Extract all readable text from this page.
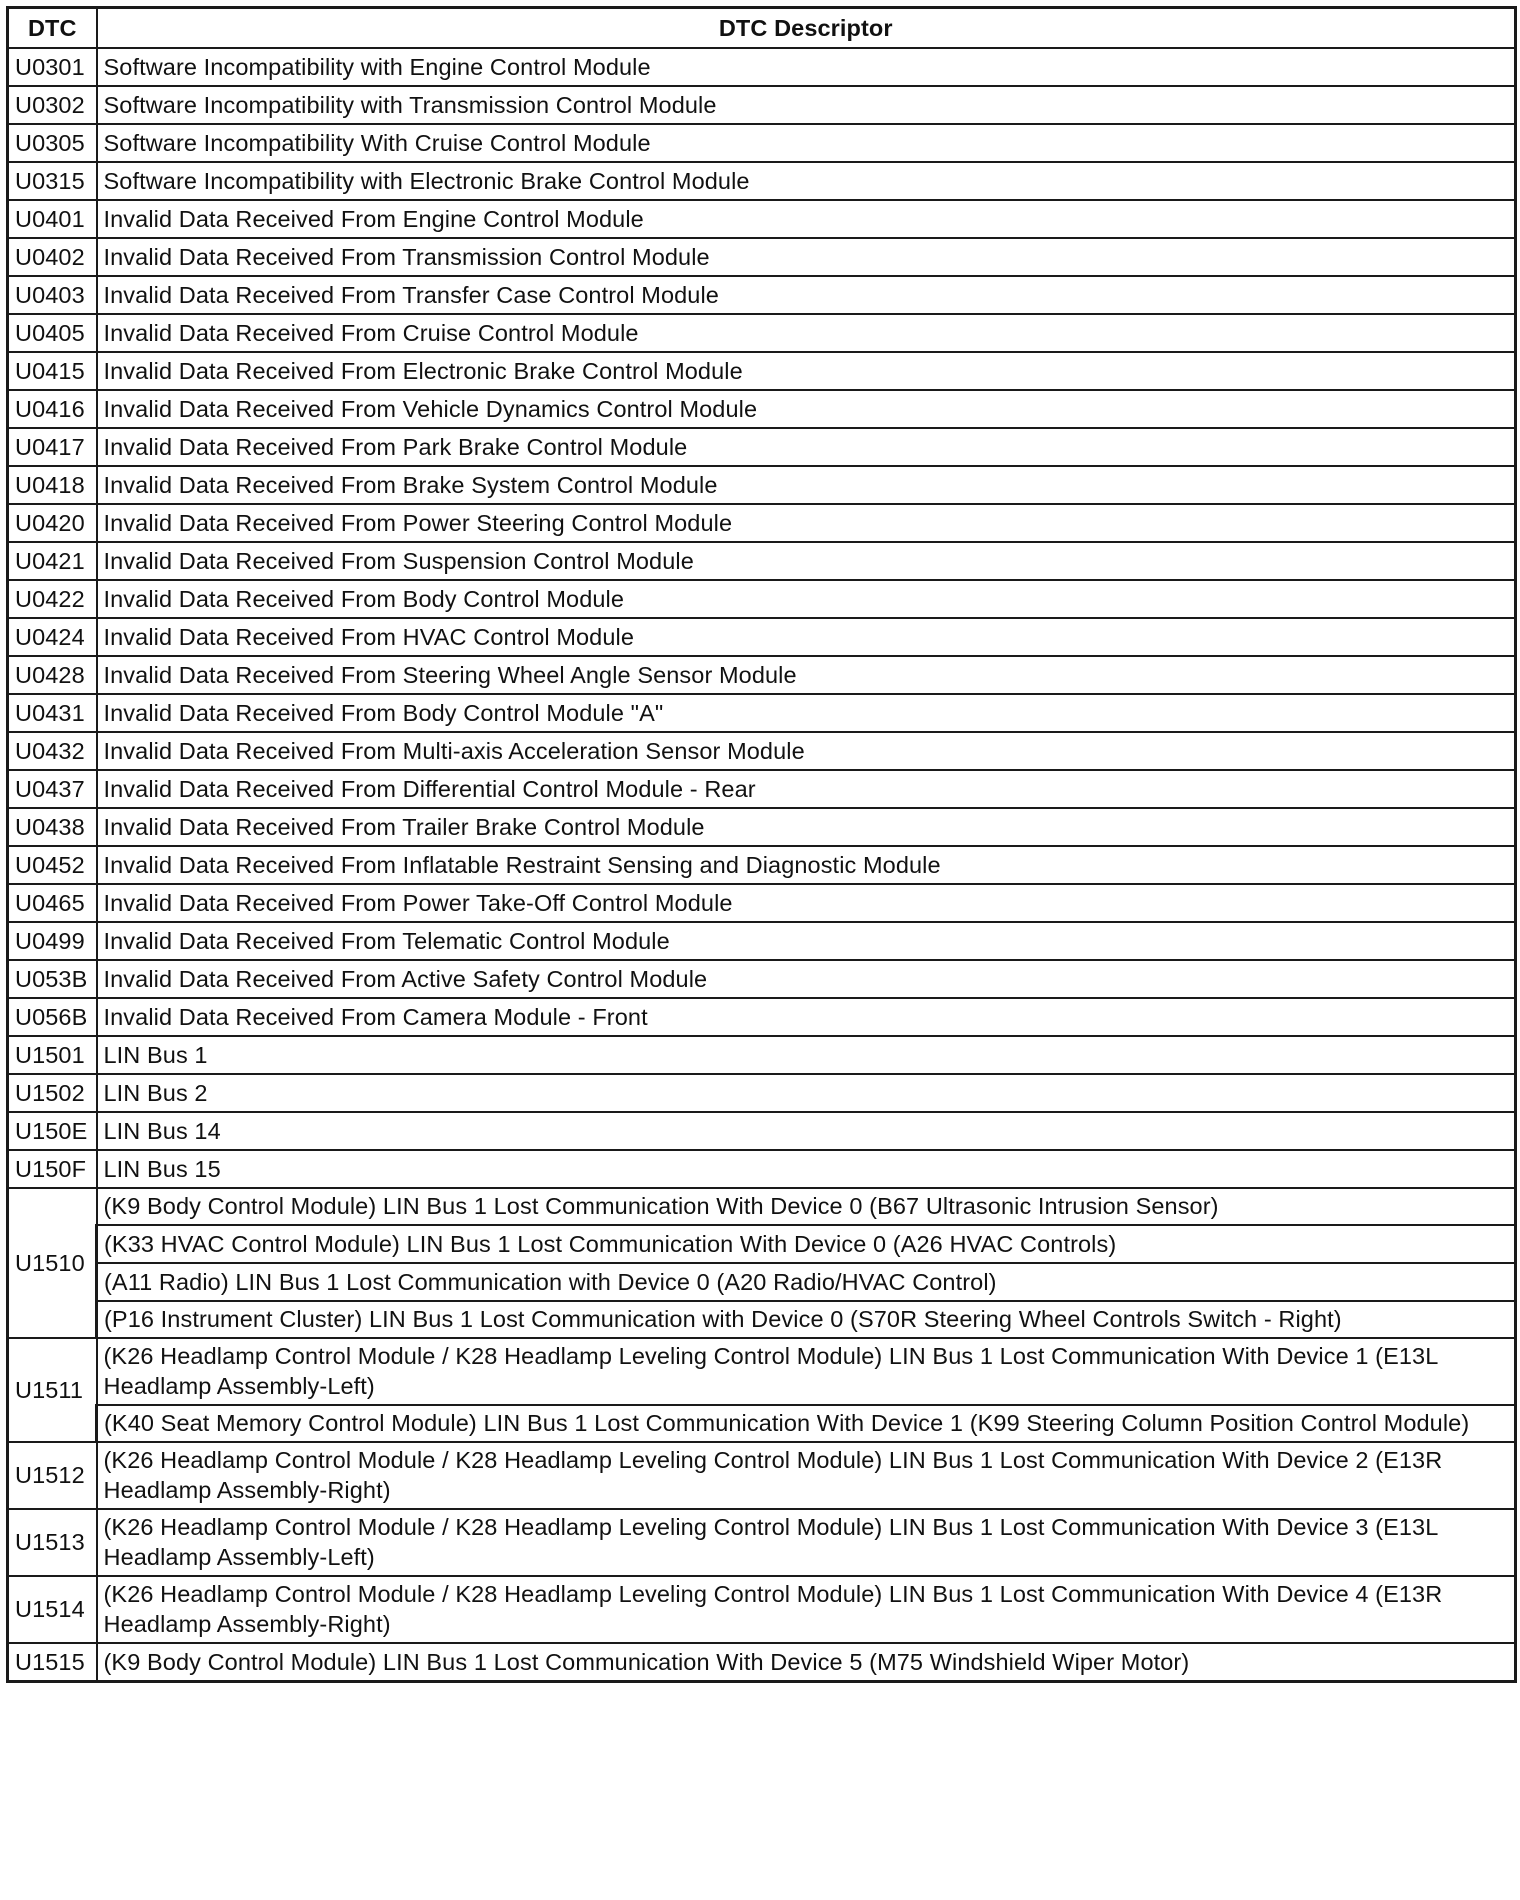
DTC	DTC Descriptor
U0301	Software Incompatibility with Engine Control Module
U0302	Software Incompatibility with Transmission Control Module
U0305	Software Incompatibility With Cruise Control Module
U0315	Software Incompatibility with Electronic Brake Control Module
U0401	Invalid Data Received From Engine Control Module
U0402	Invalid Data Received From Transmission Control Module
U0403	Invalid Data Received From Transfer Case Control Module
U0405	Invalid Data Received From Cruise Control Module
U0415	Invalid Data Received From Electronic Brake Control Module
U0416	Invalid Data Received From Vehicle Dynamics Control Module
U0417	Invalid Data Received From Park Brake Control Module
U0418	Invalid Data Received From Brake System Control Module
U0420	Invalid Data Received From Power Steering Control Module
U0421	Invalid Data Received From Suspension Control Module
U0422	Invalid Data Received From Body Control Module
U0424	Invalid Data Received From HVAC Control Module
U0428	Invalid Data Received From Steering Wheel Angle Sensor Module
U0431	Invalid Data Received From Body Control Module "A"
U0432	Invalid Data Received From Multi-axis Acceleration Sensor Module
U0437	Invalid Data Received From Differential Control Module - Rear
U0438	Invalid Data Received From Trailer Brake Control Module
U0452	Invalid Data Received From Inflatable Restraint Sensing and Diagnostic Module
U0465	Invalid Data Received From Power Take-Off Control Module
U0499	Invalid Data Received From Telematic Control Module
U053B	Invalid Data Received From Active Safety Control Module
U056B	Invalid Data Received From Camera Module - Front
U1501	LIN Bus 1
U1502	LIN Bus 2
U150E	LIN Bus 14
U150F	LIN Bus 15
U1510	(K9 Body Control Module) LIN Bus 1 Lost Communication With Device 0 (B67 Ultrasonic Intrusion Sensor)
	(K33 HVAC Control Module) LIN Bus 1 Lost Communication With Device 0 (A26 HVAC Controls)
	(A11 Radio) LIN Bus 1 Lost Communication with Device 0 (A20 Radio/HVAC Control)
	(P16 Instrument Cluster) LIN Bus 1 Lost Communication with Device 0 (S70R Steering Wheel Controls Switch - Right)
U1511	(K26 Headlamp Control Module / K28 Headlamp Leveling Control Module) LIN Bus 1 Lost Communication With Device 1 (E13L Headlamp Assembly-Left)
	(K40 Seat Memory Control Module) LIN Bus 1 Lost Communication With Device 1 (K99 Steering Column Position Control Module)
U1512	(K26 Headlamp Control Module / K28 Headlamp Leveling Control Module) LIN Bus 1 Lost Communication With Device 2 (E13R Headlamp Assembly-Right)
U1513	(K26 Headlamp Control Module / K28 Headlamp Leveling Control Module) LIN Bus 1 Lost Communication With Device 3 (E13L Headlamp Assembly-Left)
U1514	(K26 Headlamp Control Module / K28 Headlamp Leveling Control Module) LIN Bus 1 Lost Communication With Device 4 (E13R Headlamp Assembly-Right)
U1515	(K9 Body Control Module) LIN Bus 1 Lost Communication With Device 5 (M75 Windshield Wiper Motor)
